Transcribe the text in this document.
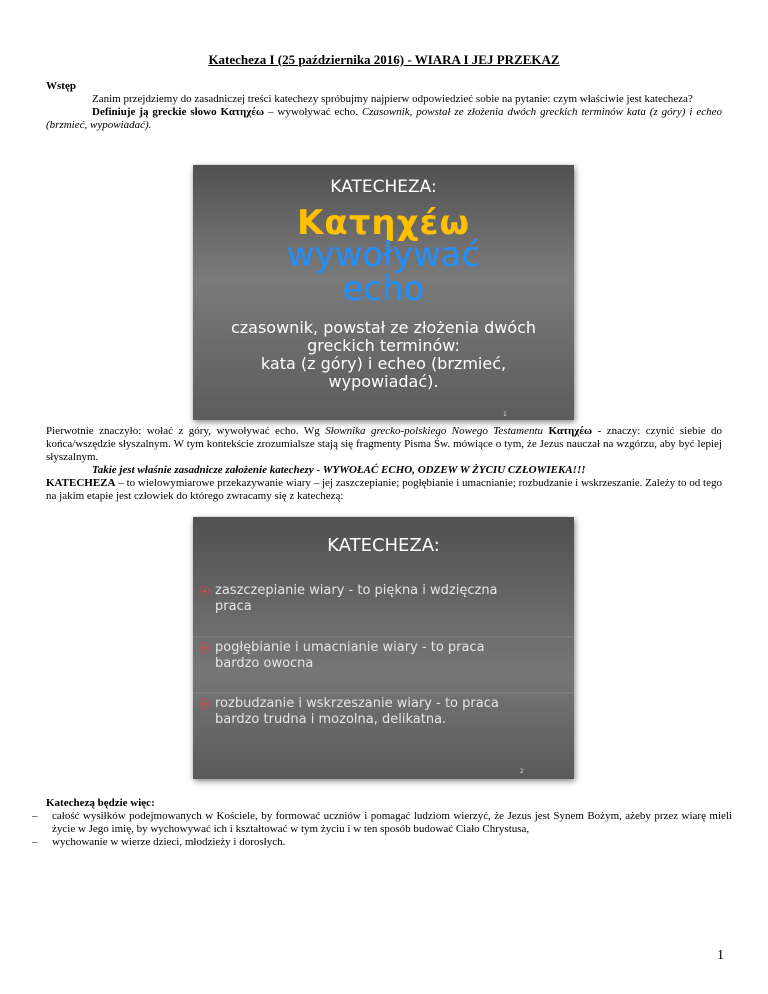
Katecheza I (25 października 2016) - WIARA I JEJ PRZEKAZ
Wstęp
Zanim przejdziemy do zasadniczej treści katechezy spróbujmy najpierw odpowiedzieć sobie na pytanie: czym właściwie jest katecheza?
Definiuje ją greckie słowo Κατηχέω – wywoływać echo. Czasownik, powstał ze złożenia dwóch greckich terminów kata (z góry) i echeo (brzmieć, wypowiadać).
KATECHEZA:
Κατηχέω
wywoływać
echo
czasownik, powstał ze złożenia dwóch
greckich terminów:
kata (z góry) i echeo (brzmieć,
wypowiadać).
1
Pierwotnie znaczyło: wołać z góry, wywoływać echo. Wg Słownika grecko-polskiego Nowego Testamentu Κατηχέω - znaczy: czynić siebie do końca/wszędzie słyszalnym. W tym kontekście zrozumialsze stają się fragmenty Pisma Św. mówiące o tym, że Jezus nauczał na wzgórzu, aby być lepiej słyszalnym.
Takie jest właśnie zasadnicze założenie katechezy - WYWOŁAĆ ECHO, ODZEW W ŻYCIU CZŁOWIEKA!!!
KATECHEZA – to wielowymiarowe przekazywanie wiary – jej zaszczepianie; pogłębianie i umacnianie; rozbudzanie i wskrzeszanie. Zależy to od tego na jakim etapie jest człowiek do którego zwracamy się z katechezą:
KATECHEZA:
⦿ zaszczepianie wiary - to piękna i wdzięczna
praca
⦿ pogłębianie i umacnianie wiary - to praca
bardzo owocna
⦿ rozbudzanie i wskrzeszanie wiary - to praca
bardzo trudna i mozolna, delikatna.
2
Katechezą będzie więc:
– całość wysiłków podejmowanych w Kościele, by formować uczniów i pomagać ludziom wierzyć, że Jezus jest Synem Bożym, ażeby przez wiarę mieli życie w Jego imię, by wychowywać ich i kształtować w tym życiu i w ten sposób budować Ciało Chrystusa,
– wychowanie w wierze dzieci, młodzieży i dorosłych.
1
